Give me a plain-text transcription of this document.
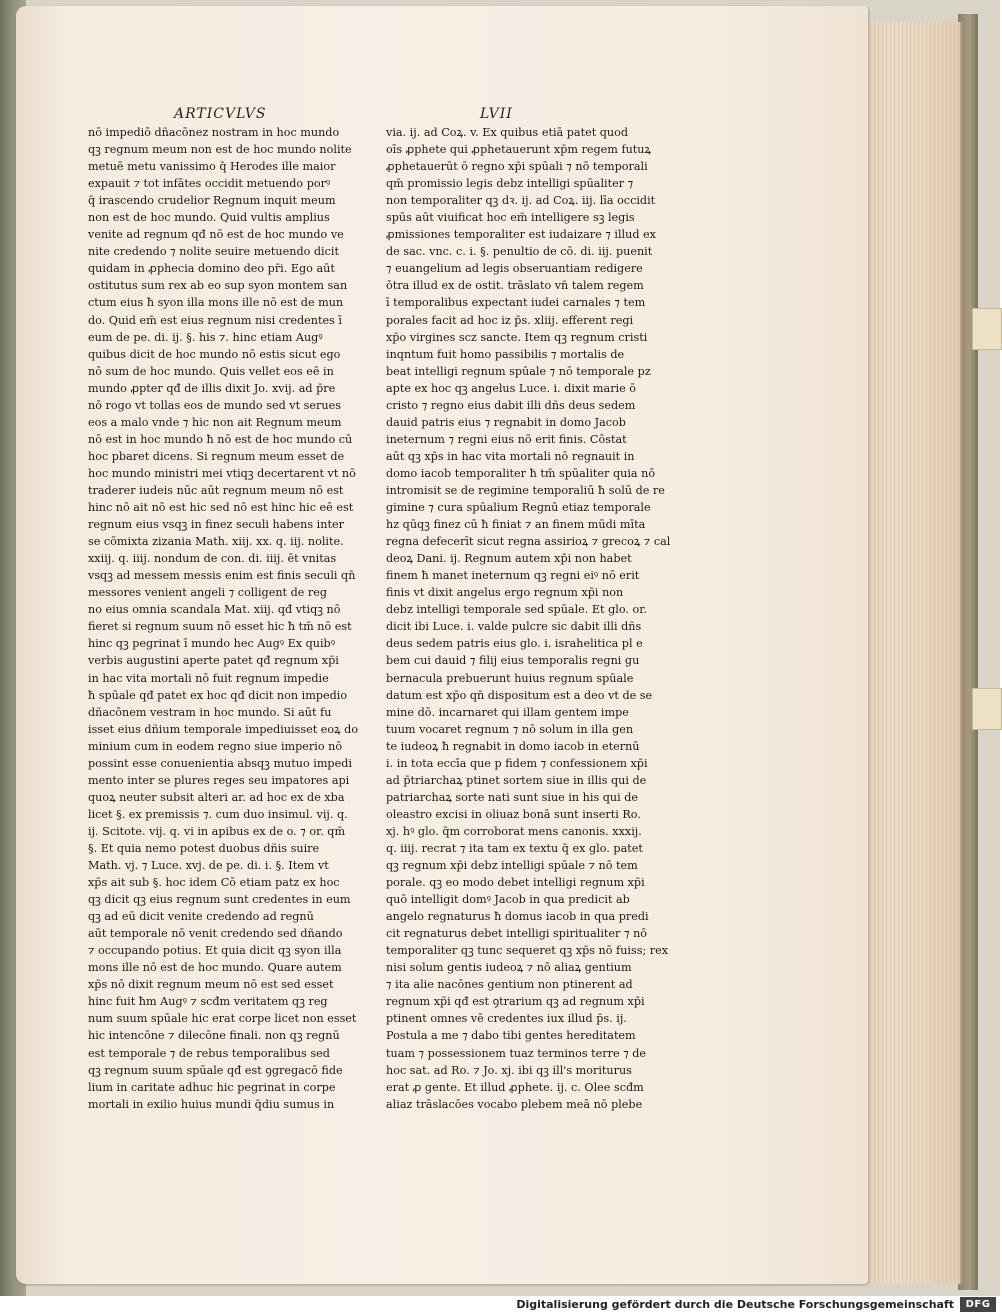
ARTICVLVS	LVII
nō impediō dñacōnez nostram in hoc mundo
qꝫ regnum meum non est de hoc mundo nolite
metuē metu vanissimo q̄ Herodes ille maior
expauit ⁊ tot infātes occidit metuendo porꝰ
q̄ irascendo crudelior Regnum inquit meum
non est de hoc mundo. Quid vultis amplius
venite ad regnum qđ nō est de hoc mundo ve
nite credendo ⁊ nolite seuire metuendo dicit
quidam in ꝓphecia domino deo pr̄i. Ego aūt
ostitutus sum rex ab eo sup syon montem san
ctum eius ħ syon illa mons ille nō est de mun
do. Quid em̄ est eius regnum nisi credentes ī
eum de pe. di. ij. §. his ⁊. hinc etiam Augꝰ
quibus dicit de hoc mundo nō estis sicut ego
nō sum de hoc mundo. Quis vellet eos eē in
mundo ꝓpter qđ de illis dixit Jo. xvij. ad p̄re
nō rogo vt tollas eos de mundo sed vt serues
eos a malo vnde ⁊ hic non ait Regnum meum
nō est in hoc mundo ħ nō est de hoc mundo cū
hoc pbaret dicens. Si regnum meum esset de
hoc mundo ministri mei vtiqꝫ decertarent vt nō
traderer iudeis nūc aūt regnum meum nō est
hinc nō ait nō est hic sed nō est hinc hic eē est
regnum eius vsqꝫ in finez seculi habens inter
se cōmixta zizania Math. xiij. xx. q. iij. nolite.
xxiij. q. iiij. nondum de con. di. iiij. ēt vnitas
vsqꝫ ad messem messis enim est finis seculi qn̄
messores venient angeli ⁊ colligent de reg
no eius omnia scandala Mat. xiij. qđ vtiqꝫ nō
fieret si regnum suum nō esset hic ħ tm̄ nō est
hinc qꝫ pegrinat ī mundo hec Augꝰ Ex quibꝰ
verbis augustini aperte patet qđ regnum xp̄i
in hac vita mortali nō fuit regnum impedie
ħ spūale qđ patet ex hoc qđ dicit non impedio
dñacōnem vestram in hoc mundo. Si aūt fu
isset eius dñium temporale impediuisset eoꝝ do
minium cum in eodem regno siue imperio nō
possint esse conuenientia absqꝫ mutuo impedi
mento inter se plures reges seu impatores api
quoꝝ neuter subsit alteri ar. ad hoc ex de xba
licet §. ex premissis ⁊. cum duo insimul. vij. q.
ij. Scitote. vij. q. vi in apibus ex de o. ⁊ or. qm̄
§. Et quia nemo potest duobus dñis suire
Math. vj. ⁊ Luce. xvj. de pe. di. i. §. Item vt
xp̄s ait sub §. hoc idem Cō etiam patz ex hoc
qꝫ dicit qꝫ eius regnum sunt credentes in eum
qꝫ ad eū dicit venite credendo ad regnū
aūt temporale nō venit credendo sed dñando
⁊ occupando potius. Et quia dicit qꝫ syon illa
mons ille nō est de hoc mundo. Quare autem
xp̄s nō dixit regnum meum nō est sed esset
hinc fuit ħm Augꝰ ⁊ scđm veritatem qꝫ reg
num suum spūale hic erat corpe licet non esset
hic intencōne ⁊ dilecōne finali. non qꝫ regnū
est temporale ⁊ de rebus temporalibus sed
qꝫ regnum suum spūale qđ est ꝯgregacō fide
lium in caritate adhuc hic pegrinat in corpe
mortali in exilio huius mundi q̄diu sumus in
via. ij. ad Coꝝ. v. Ex quibus etiā patet quod
oīs ꝓphete qui ꝓphetauerunt xp̄m regem futuꝝ
ꝓphetauerūt ō regno xp̄i spūali ⁊ nō temporali
qm̄ promissio legis debz intelligi spūaliter ⁊
non temporaliter qꝫ dꝛ. ij. ad Coꝝ. iij. līa occidit
spūs aūt viuificat hoc em̄ intelligere sꝫ legis
ꝓmissiones temporaliter est iudaizare ⁊ illud ex
de sac. vnc. c. i. §. penultio de cō. di. iij. puenit
⁊ euangelium ad legis obseruantiam redigere
ōtra illud ex de ostit. trāslato vn̄ talem regem
ī temporalibus expectant iudei carnales ⁊ tem
porales facit ad hoc iz p̄s. xliij. efferent regi
xp̄o virgines scz sancte. Item qꝫ regnum cristi
inqntum fuit homo passibilis ⁊ mortalis de
beat intelligi regnum spūale ⁊ nō temporale pz
apte ex hoc qꝫ angelus Luce. i. dixit marie ō
cristo ⁊ regno eius dabit illi dñs deus sedem
dauid patris eius ⁊ regnabit in domo Jacob
ineternum ⁊ regni eius nō erit finis. Cōstat
aūt qꝫ xp̄s in hac vita mortali nō regnauit in
domo iacob temporaliter ħ tm̄ spūaliter quia nō
intromisit se de regimine temporaliū ħ solū de re
gimine ⁊ cura spūalium Regnū etiaz temporale
hz qūqꝫ finez cū ħ finiat ⁊ an finem mūdi mīta
regna defecerīt sicut regna assirioꝝ ⁊ grecoꝝ ⁊ cal
deoꝝ Dani. ij. Regnum autem xp̄i non habet
finem ħ manet ineternum qꝫ regni eiꝰ nō erit
finis vt dixit angelus ergo regnum xp̄i non
debz intelligi temporale sed spūale. Et glo. or.
dicit ibi Luce. i. valde pulcre sic dabit illi dñs
deus sedem patris eius glo. i. israhelitica pl e
bem cui dauid ⁊ filij eius temporalis regni gu
bernacula prebuerunt huius regnum spūale
datum est xp̄o qn̄ dispositum est a deo vt de se
mine dō. incarnaret qui illam gentem impe
tuum vocaret regnum ⁊ nō solum in illa gen
te iudeoꝝ ħ regnabit in domo iacob in eternū
i. in tota eccīa que p fidem ⁊ confessionem xp̄i
ad p̄triarchaꝝ ptinet sortem siue in illis qui de
patriarchaꝝ sorte nati sunt siue in his qui de
oleastro excisi in oliuaz bonā sunt inserti Ro.
xj. hꝰ glo. q̄m corroborat mens canonis. xxxij.
q. iiij. recrat ⁊ ita tam ex textu q̄ ex glo. patet
qꝫ regnum xp̄i debz intelligi spūale ⁊ nō tem
porale. qꝫ eo modo debet intelligi regnum xp̄i
quō intelligit domꝰ Jacob in qua predicit ab
angelo regnaturus ħ domus iacob in qua predi
cit regnaturus debet intelligi spiritualiter ⁊ nō
temporaliter qꝫ tunc sequeret qꝫ xp̄s nō fuiss; rex
nisi solum gentis iudeoꝝ ⁊ nō aliaꝝ gentium
⁊ ita alie nacōnes gentium non ptinerent ad
regnum xp̄i qđ est ꝯtrarium qꝫ ad regnum xp̄i
ptinent omnes vē credentes iux illud p̄s. ij.
Postula a me ⁊ dabo tibi gentes hereditatem
tuam ⁊ possessionem tuaz terminos terre ⁊ de
hoc sat. ad Ro. ⁊ Jo. xj. ibi qꝫ ill's moriturus
erat ꝓ gente. Et illud ꝓphete. ij. c. Olee scđm
aliaz trāslacōes vocabo plebem meā nō plebe
Digitalisierung gefördert durch die Deutsche Forschungsgemeinschaft	DFG
